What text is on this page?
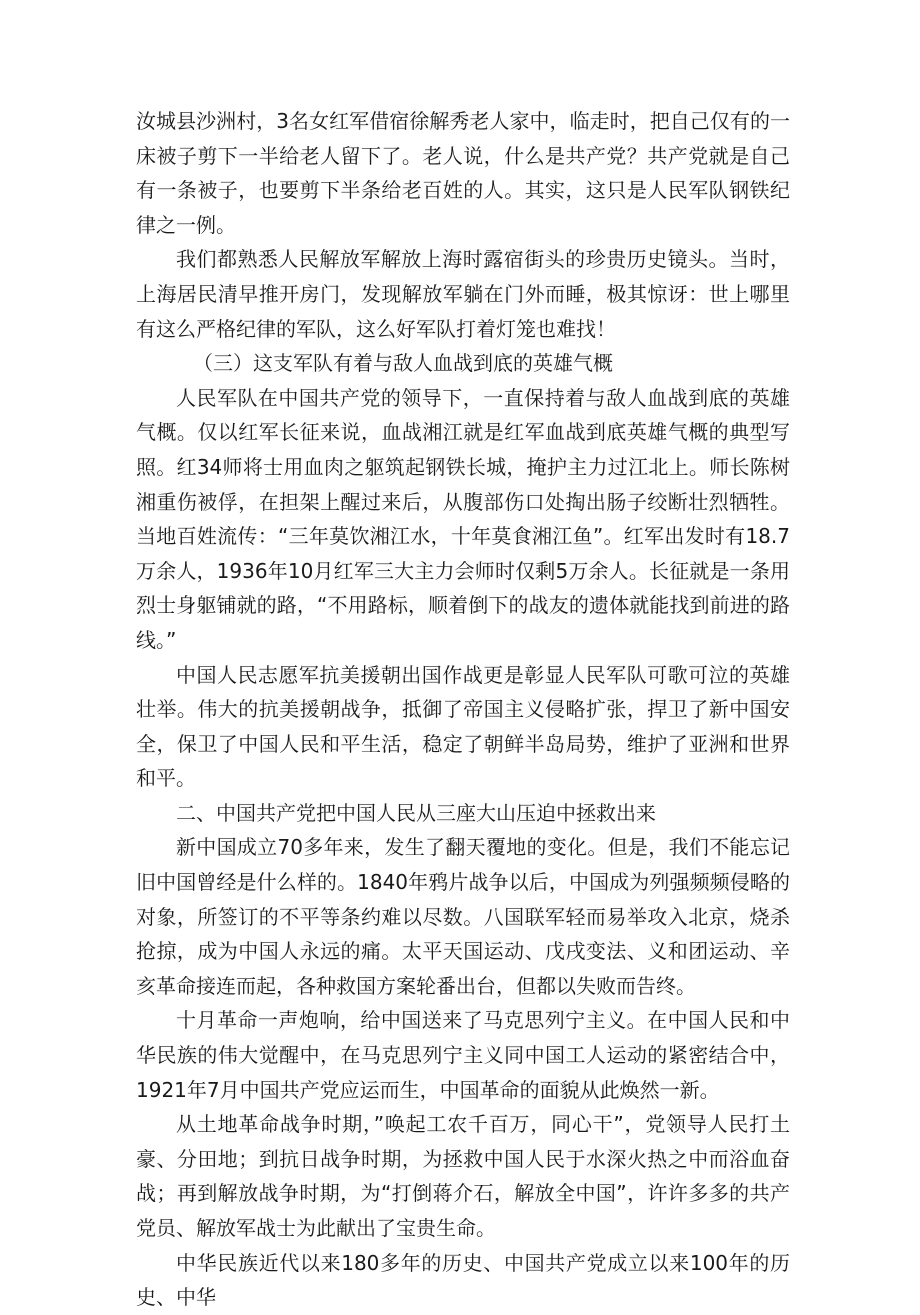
汝城县沙洲村，3名女红军借宿徐解秀老人家中，临走时，把自己仅有的一床被子剪下一半给老人留下了。老人说，什么是共产党？共产党就是自己有一条被子，也要剪下半条给老百姓的人。其实，这只是人民军队钢铁纪律之一例。

我们都熟悉人民解放军解放上海时露宿街头的珍贵历史镜头。当时，上海居民清早推开房门，发现解放军躺在门外而睡，极其惊讶：世上哪里有这么严格纪律的军队，这么好军队打着灯笼也难找！

（三）这支军队有着与敌人血战到底的英雄气概

人民军队在中国共产党的领导下，一直保持着与敌人血战到底的英雄气概。仅以红军长征来说，血战湘江就是红军血战到底英雄气概的典型写照。红34师将士用血肉之躯筑起钢铁长城，掩护主力过江北上。师长陈树湘重伤被俘，在担架上醒过来后，从腹部伤口处掏出肠子绞断壮烈牺牲。当地百姓流传：“三年莫饮湘江水，十年莫食湘江鱼”。红军出发时有18.7万余人，1936年10月红军三大主力会师时仅剩5万余人。长征就是一条用烈士身躯铺就的路，“不用路标，顺着倒下的战友的遗体就能找到前进的路线。”

中国人民志愿军抗美援朝出国作战更是彰显人民军队可歌可泣的英雄壮举。伟大的抗美援朝战争，抵御了帝国主义侵略扩张，捍卫了新中国安全，保卫了中国人民和平生活，稳定了朝鲜半岛局势，维护了亚洲和世界和平。

二、中国共产党把中国人民从三座大山压迫中拯救出来

新中国成立70多年来，发生了翻天覆地的变化。但是，我们不能忘记旧中国曾经是什么样的。1840年鸦片战争以后，中国成为列强频频侵略的对象，所签订的不平等条约难以尽数。八国联军轻而易举攻入北京，烧杀抢掠，成为中国人永远的痛。太平天国运动、戊戌变法、义和团运动、辛亥革命接连而起，各种救国方案轮番出台，但都以失败而告终。

十月革命一声炮响，给中国送来了马克思列宁主义。在中国人民和中华民族的伟大觉醒中，在马克思列宁主义同中国工人运动的紧密结合中，1921年7月中国共产党应运而生，中国革命的面貌从此焕然一新。

从土地革命战争时期，”唤起工农千百万，同心干”，党领导人民打土豪、分田地；到抗日战争时期，为拯救中国人民于水深火热之中而浴血奋战；再到解放战争时期，为“打倒蒋介石，解放全中国”，许许多多的共产党员、解放军战士为此献出了宝贵生命。

中华民族近代以来180多年的历史、中国共产党成立以来100年的历史、中华
